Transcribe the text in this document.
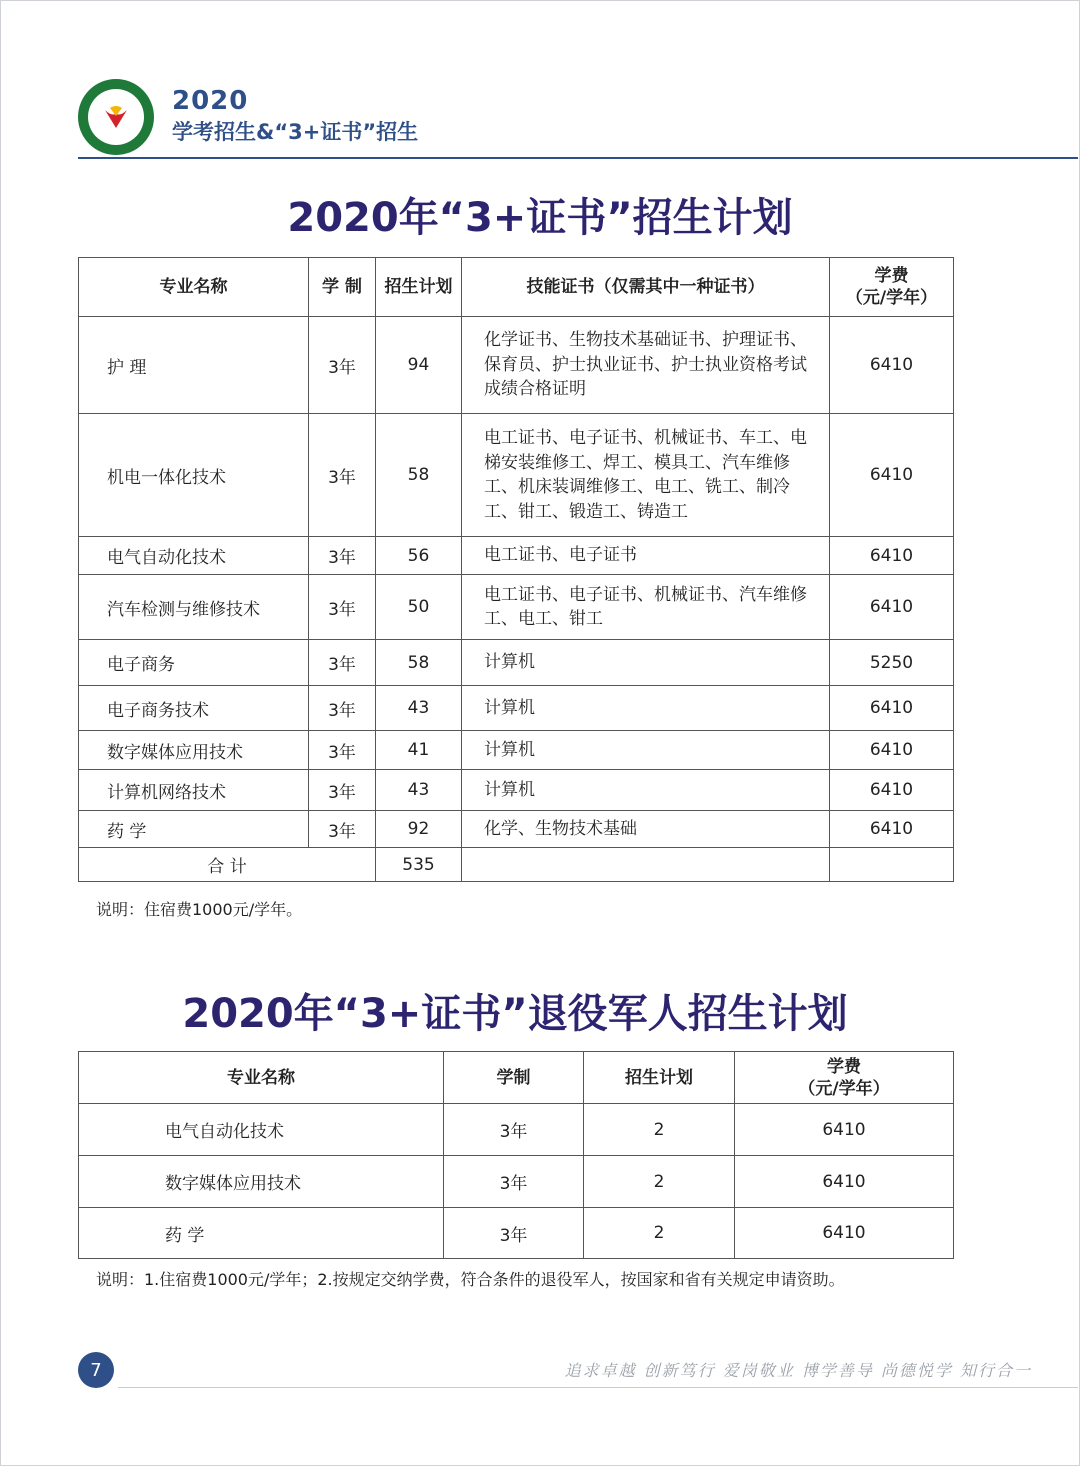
2020
学考招生&“3+证书”招生
2020年“3+证书”招生计划
专业名称	学 制	招生计划	技能证书（仅需其中一种证书）	学费
（元/学年）

护 理	3年	94	化学证书、生物技术基础证书、护理证书、保育员、护士执业证书、护士执业资格考试成绩合格证明	6410
机电一体化技术	3年	58	电工证书、电子证书、机械证书、车工、电梯安装维修工、焊工、模具工、汽车维修工、机床装调维修工、电工、铣工、制冷工、钳工、锻造工、铸造工	6410
电气自动化技术	3年	56	电工证书、电子证书	6410
汽车检测与维修技术	3年	50	电工证书、电子证书、机械证书、汽车维修工、电工、钳工	6410
电子商务	3年	58	计算机	5250
电子商务技术	3年	43	计算机	6410
数字媒体应用技术	3年	41	计算机	6410
计算机网络技术	3年	43	计算机	6410
药 学	3年	92	化学、生物技术基础	6410
合 计		535		
说明：住宿费1000元/学年。
2020年“3+证书”退役军人招生计划
专业名称	学制	招生计划	学费
（元/学年）

电气自动化技术	3年	2	6410
数字媒体应用技术	3年	2	6410
药 学	3年	2	6410
说明：1.住宿费1000元/学年；2.按规定交纳学费，符合条件的退役军人，按国家和省有关规定申请资助。
7	追求卓越 创新笃行 爱岗敬业 博学善导 尚德悦学 知行合一
